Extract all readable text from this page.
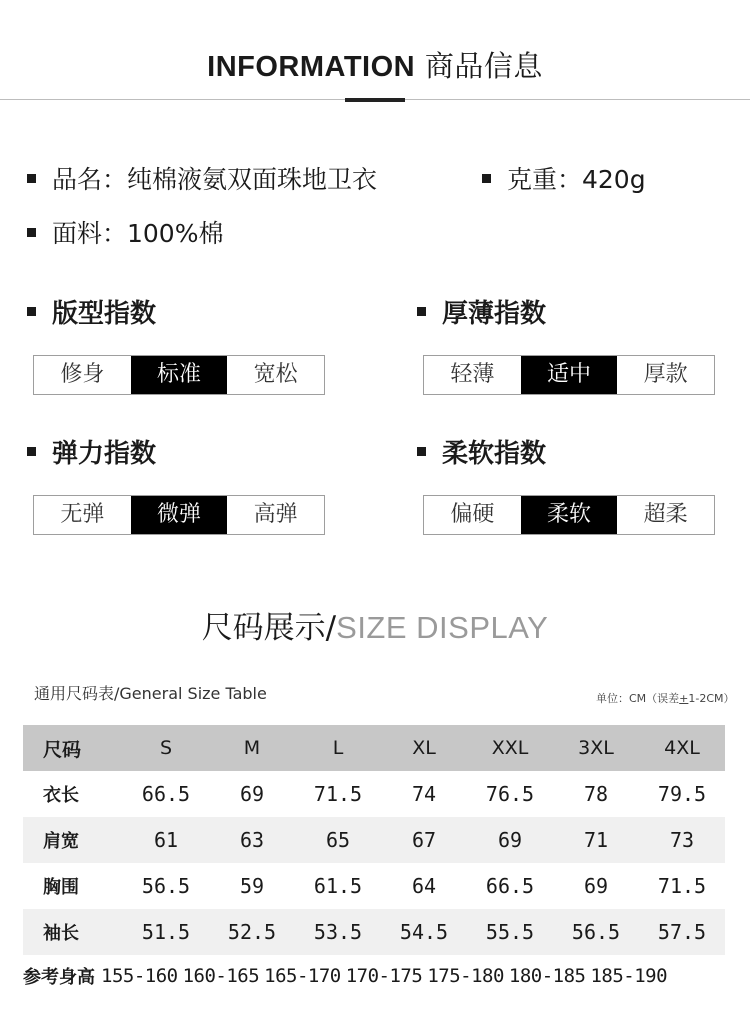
INFORMATION 商品信息
品名：纯棉液氨双面珠地卫衣	克重：420g
面料：100%棉
版型指数
修身	标准	宽松
厚薄指数
轻薄	适中	厚款
弹力指数
无弹	微弹	高弹
柔软指数
偏硬	柔软	超柔
尺码展示/SIZE DISPLAY
通用尺码表/General Size Table	单位：CM（误差+1-2CM）
尺码	S	M	L	XL	XXL	3XL	4XL
衣长	66.5	69	71.5	74	76.5	78	79.5
肩宽	61	63	65	67	69	71	73
胸围	56.5	59	61.5	64	66.5	69	71.5
袖长	51.5	52.5	53.5	54.5	55.5	56.5	57.5
参考身高 155-160 160-165 165-170 170-175 175-180 180-185 185-190
